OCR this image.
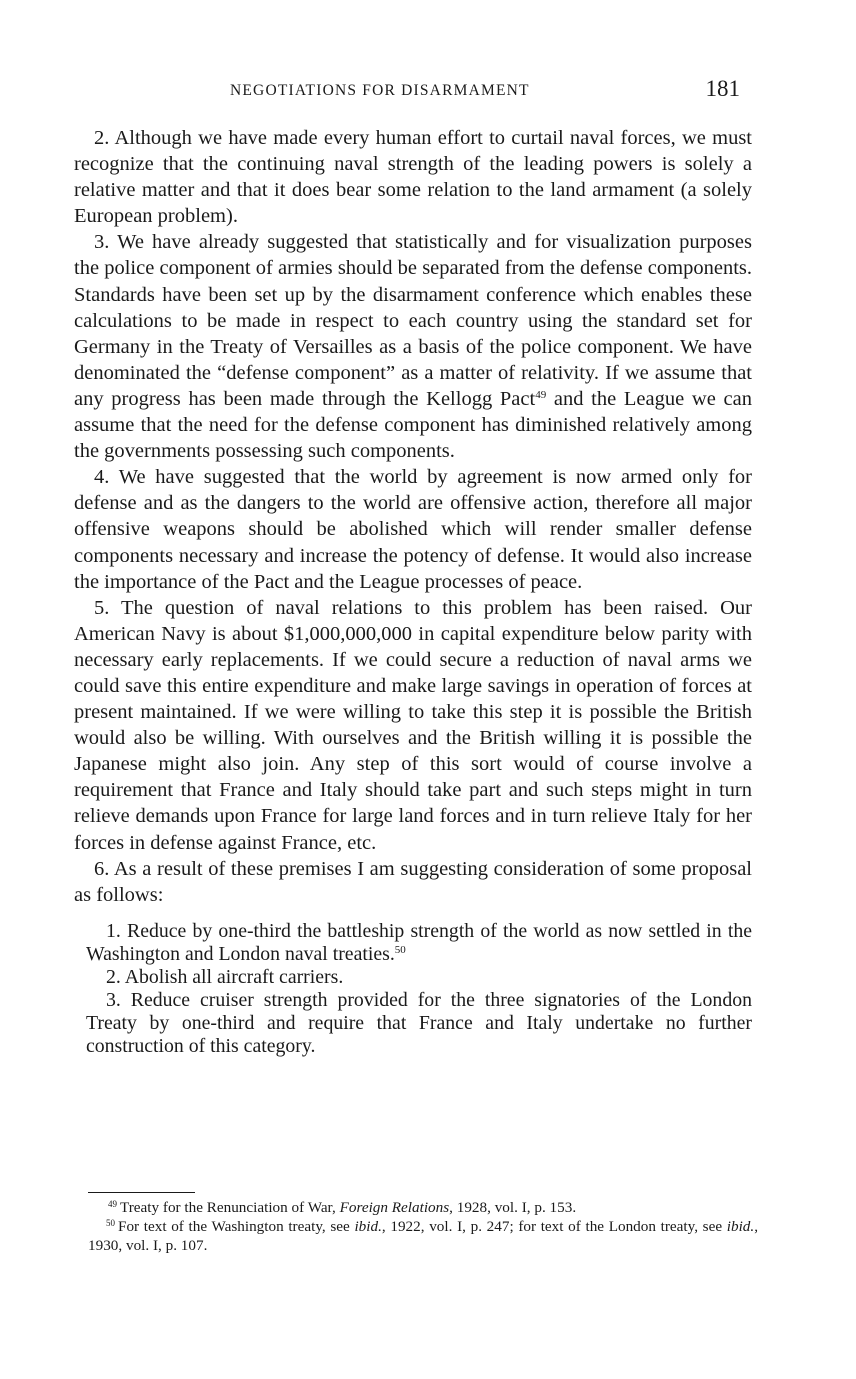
NEGOTIATIONS FOR DISARMAMENT	181

2. Although we have made every human effort to curtail naval forces, we must recognize that the continuing naval strength of the leading powers is solely a relative matter and that it does bear some relation to the land armament (a solely European problem).

3. We have already suggested that statistically and for visualization purposes the police component of armies should be separated from the defense components. Standards have been set up by the disarmament conference which enables these calculations to be made in respect to each country using the standard set for Germany in the Treaty of Versailles as a basis of the police component. We have denominated the “defense component” as a matter of relativity. If we assume that any progress has been made through the Kellogg Pact$^{49}$ and the League we can assume that the need for the defense component has diminished relatively among the governments possessing such components.

4. We have suggested that the world by agreement is now armed only for defense and as the dangers to the world are offensive action, therefore all major offensive weapons should be abolished which will render smaller defense components necessary and increase the potency of defense. It would also increase the importance of the Pact and the League processes of peace.

5. The question of naval relations to this problem has been raised. Our American Navy is about $1,000,000,000 in capital expenditure below parity with necessary early replacements. If we could secure a reduction of naval arms we could save this entire expenditure and make large savings in operation of forces at present maintained. If we were willing to take this step it is possible the British would also be willing. With ourselves and the British willing it is possible the Japanese might also join. Any step of this sort would of course involve a requirement that France and Italy should take part and such steps might in turn relieve demands upon France for large land forces and in turn relieve Italy for her forces in defense against France, etc.

6. As a result of these premises I am suggesting consideration of some proposal as follows:

1. Reduce by one-third the battleship strength of the world as now settled in the Washington and London naval treaties.$^{50}$

2. Abolish all aircraft carriers.

3. Reduce cruiser strength provided for the three signatories of the London Treaty by one-third and require that France and Italy undertake no further construction of this category.

$^{49}$ Treaty for the Renunciation of War, Foreign Relations, 1928, vol. I, p. 153.

$^{50}$ For text of the Washington treaty, see ibid., 1922, vol. I, p. 247; for text of the London treaty, see ibid., 1930, vol. I, p. 107.
